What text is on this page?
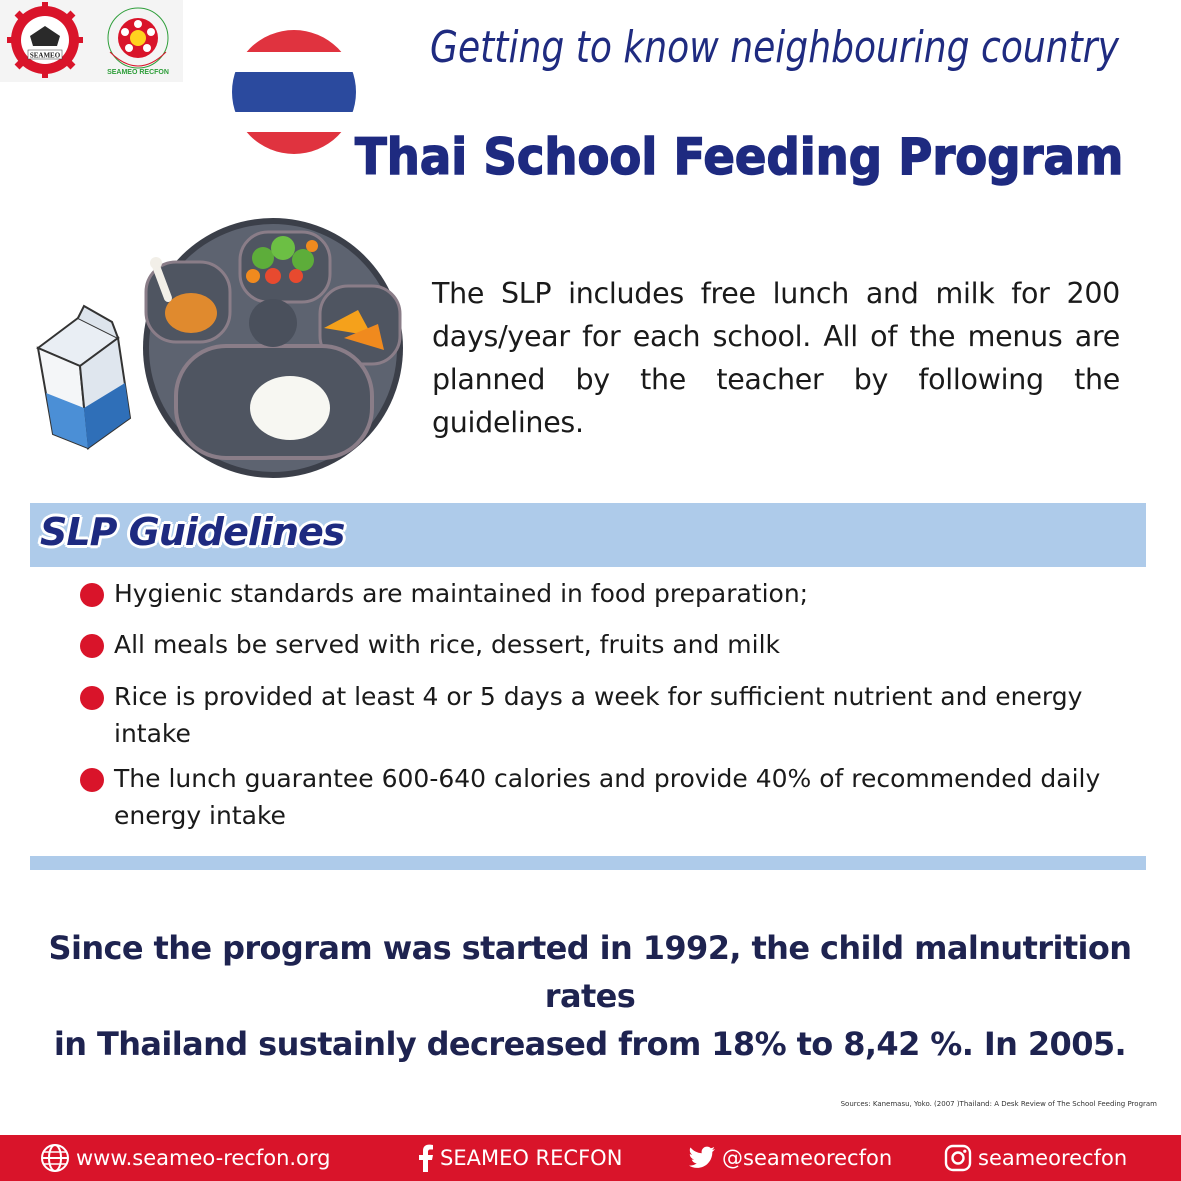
SEAMEO
SEAMEO RECFON	Getting to know neighbouring country
Thai School Feeding Program

The SLP includes free lunch and milk for 200 days/year for each school. All of the menus are planned by the teacher by following the guidelines.

SLP Guidelines
Hygienic standards are maintained in food preparation;
All meals be served with rice, dessert, fruits and milk
Rice is provided at least 4 or 5 days a week for sufficient nutrient and energy intake
The lunch guarantee 600-640 calories and provide 40% of recommended daily energy intake
Since the program was started in 1992, the child malnutrition rates
in Thailand sustainly decreased from 18% to 8,42 %. In 2005.
Sources: Kanemasu, Yoko. (2007 )Thailand: A Desk Review of The School Feeding Program
www.seameo-recfon.org	SEAMEO RECFON	@seameorecfon	seameorecfon
